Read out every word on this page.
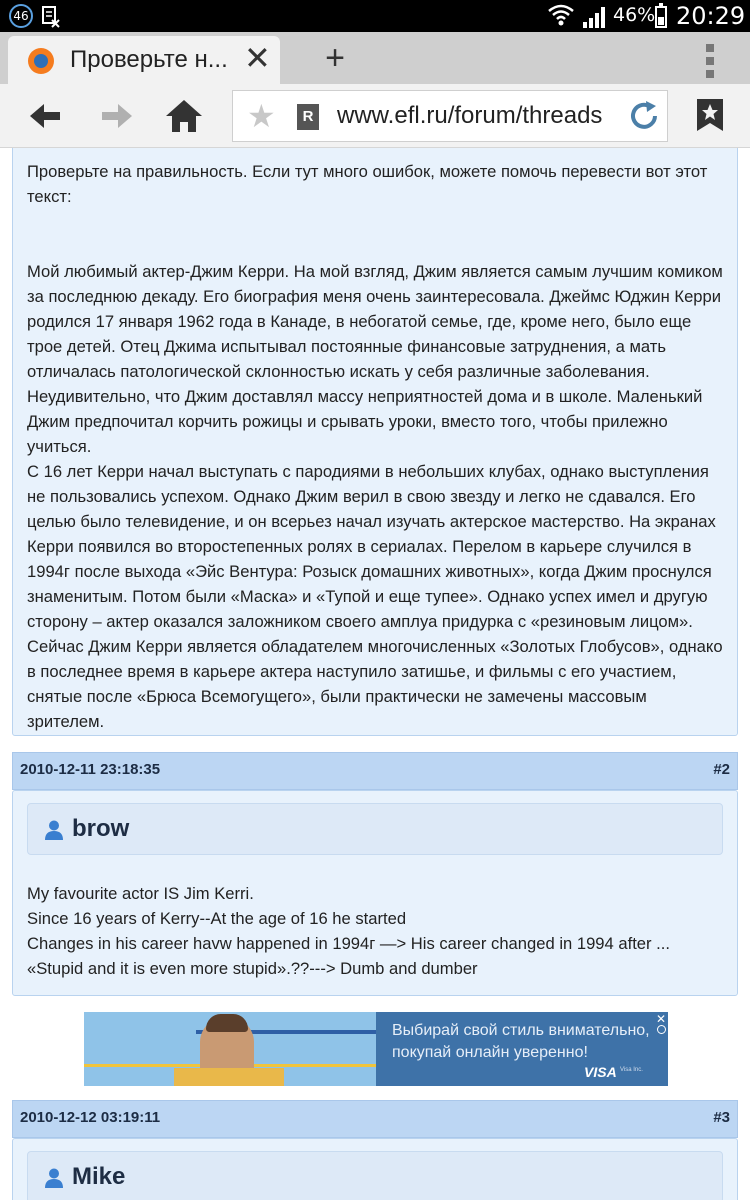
46	46% 20:29
Проверьте н... ✕	+
★	R www.efl.ru/forum/threads

Проверьте на правильность. Если тут много ошибок, можете помочь перевести вот этот текст:

Мой любимый актер-Джим Керри. На мой взгляд, Джим является самым лучшим комиком за последнюю декаду. Его биография меня очень заинтересовала. Джеймс Юджин Керри родился 17 января 1962 года в Канаде, в небогатой семье, где, кроме него, было еще трое детей. Отец Джима испытывал постоянные финансовые затруднения, а мать отличалась патологической склонностью искать у себя различные заболевания. Неудивительно, что Джим доставлял массу неприятностей дома и в школе. Маленький Джим предпочитал корчить рожицы и срывать уроки, вместо того, чтобы прилежно учиться.
С 16 лет Керри начал выступать с пародиями в небольших клубах, однако выступления не пользовались успехом. Однако Джим верил в свою звезду и легко не сдавался. Его целью было телевидение, и он всерьез начал изучать актерское мастерство. На экранах Керри появился во второстепенных ролях в сериалах. Перелом в карьере случился в 1994г после выхода «Эйс Вентура: Розыск домашних животных», когда Джим проснулся знаменитым. Потом были «Маска» и «Тупой и еще тупее». Однако успех имел и другую сторону – актер оказался заложником своего амплуа придурка с «резиновым лицом». Сейчас Джим Керри является обладателем многочисленных «Золотых Глобусов», однако в последнее время в карьере актера наступило затишье, и фильмы с его участием, снятые после «Брюса Всемогущего», были практически не замечены массовым зрителем.

2010-12-11 23:18:35	#2
brow
My favourite actor IS Jim Kerri.
Since 16 years of Kerry--At the age of 16 he started
Changes in his career havw happened in 1994г —> His career changed in 1994 after ...
«Stupid and it is even more stupid».??---> Dumb and dumber
Выбирай свой стиль внимательно,
покупай онлайн уверенно!
VISA Visa Inc.
✕
2010-12-12 03:19:11	#3
Mike
